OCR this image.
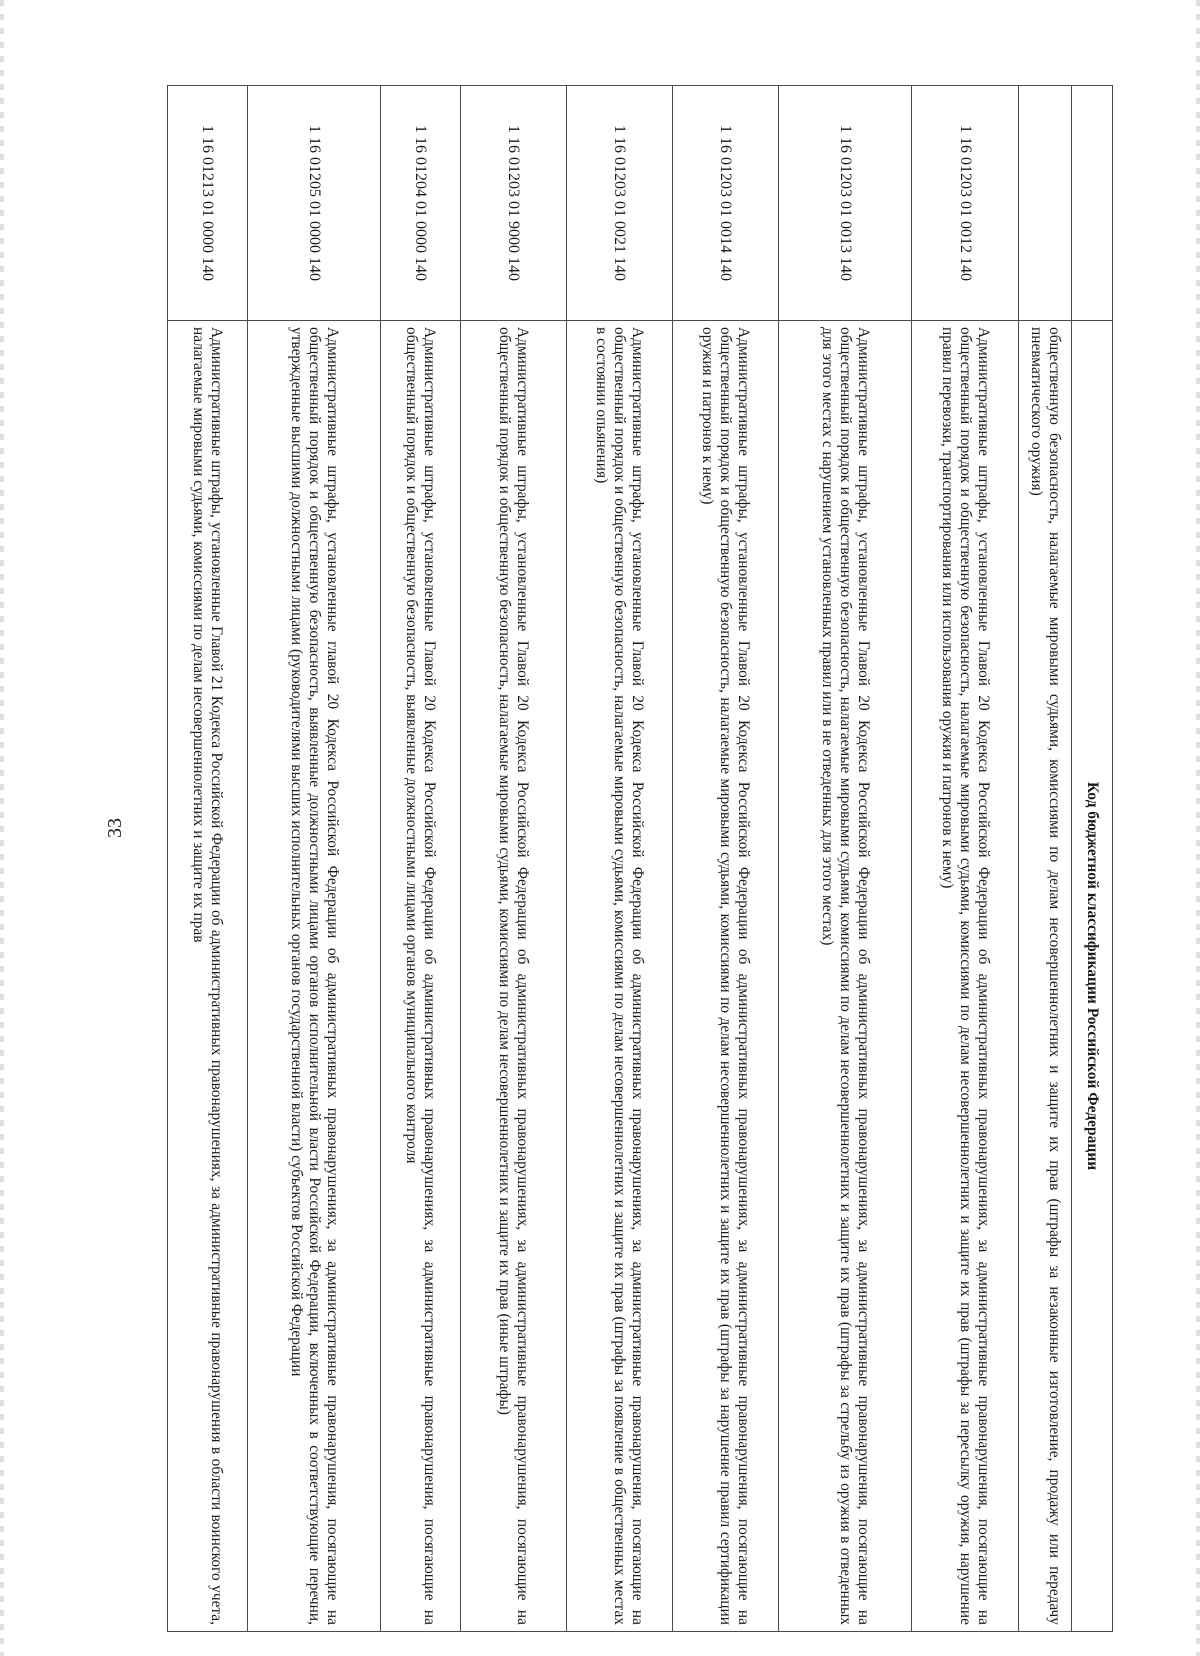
33
		Код бюджетной классификации Российской Федерации
	общественную безопасность, налагаемые мировыми судьями, комиссиями по делам несовершеннолетних и защите их прав (штрафы за незаконные изготовление, продажу или передачу пневматического оружия)
1 16 01203 01 0012 140	Административные штрафы, установленные Главой 20 Кодекса Российской Федерации об административных правонарушениях, за административные правонарушения, посягающие на общественный порядок и общественную безопасность, налагаемые мировыми судьями, комиссиями по делам несовершеннолетних и защите их прав (штрафы за пересылку оружия, нарушение правил перевозки, транспортирования или использования оружия и патронов к нему)
1 16 01203 01 0013 140	Административные штрафы, установленные Главой 20 Кодекса Российской Федерации об административных правонарушениях, за административные правонарушения, посягающие на общественный порядок и общественную безопасность, налагаемые мировыми судьями, комиссиями по делам несовершеннолетних и защите их прав (штрафы за стрельбу из оружия в отведенных для этого местах с нарушением установленных правил или в не отведенных для этого местах)
1 16 01203 01 0014 140	Административные штрафы, установленные Главой 20 Кодекса Российской Федерации об административных правонарушениях, за административные правонарушения, посягающие на общественный порядок и общественную безопасность, налагаемые мировыми судьями, комиссиями по делам несовершеннолетних и защите их прав (штрафы за нарушение правил сертификации оружия и патронов к нему)
1 16 01203 01 0021 140	Административные штрафы, установленные Главой 20 Кодекса Российской Федерации об административных правонарушениях, за административные правонарушения, посягающие на общественный порядок и общественную безопасность, налагаемые мировыми судьями, комиссиями по делам несовершеннолетних и защите их прав (штрафы за появление в общественных местах в состоянии опьянения)
1 16 01203 01 9000 140	Административные штрафы, установленные Главой 20 Кодекса Российской Федерации об административных правонарушениях, за административные правонарушения, посягающие на общественный порядок и общественную безопасность, налагаемые мировыми судьями, комиссиями по делам несовершеннолетних и защите их прав (иные штрафы)
1 16 01204 01 0000 140	Административные штрафы, установленные Главой 20 Кодекса Российской Федерации об административных правонарушениях, за административные правонарушения, посягающие на общественный порядок и общественную безопасность, выявленные должностными лицами органов муниципального контроля
1 16 01205 01 0000 140	Административные штрафы, установленные главой 20 Кодекса Российской Федерации об административных правонарушениях, за административные правонарушения, посягающие на общественный порядок и общественную безопасность, выявленные должностными лицами органов исполнительной власти Российской Федерации, включенных в соответствующие перечни, утвержденные высшими должностными лицами (руководителями высших исполнительных органов государственной власти) субъектов Российской Федерации
1 16 01213 01 0000 140	Административные штрафы, установленные Главой 21 Кодекса Российской Федерации об административных правонарушениях, за административные правонарушения в области воинского учета, налагаемые мировыми судьями, комиссиями по делам несовершеннолетних и защите их прав
